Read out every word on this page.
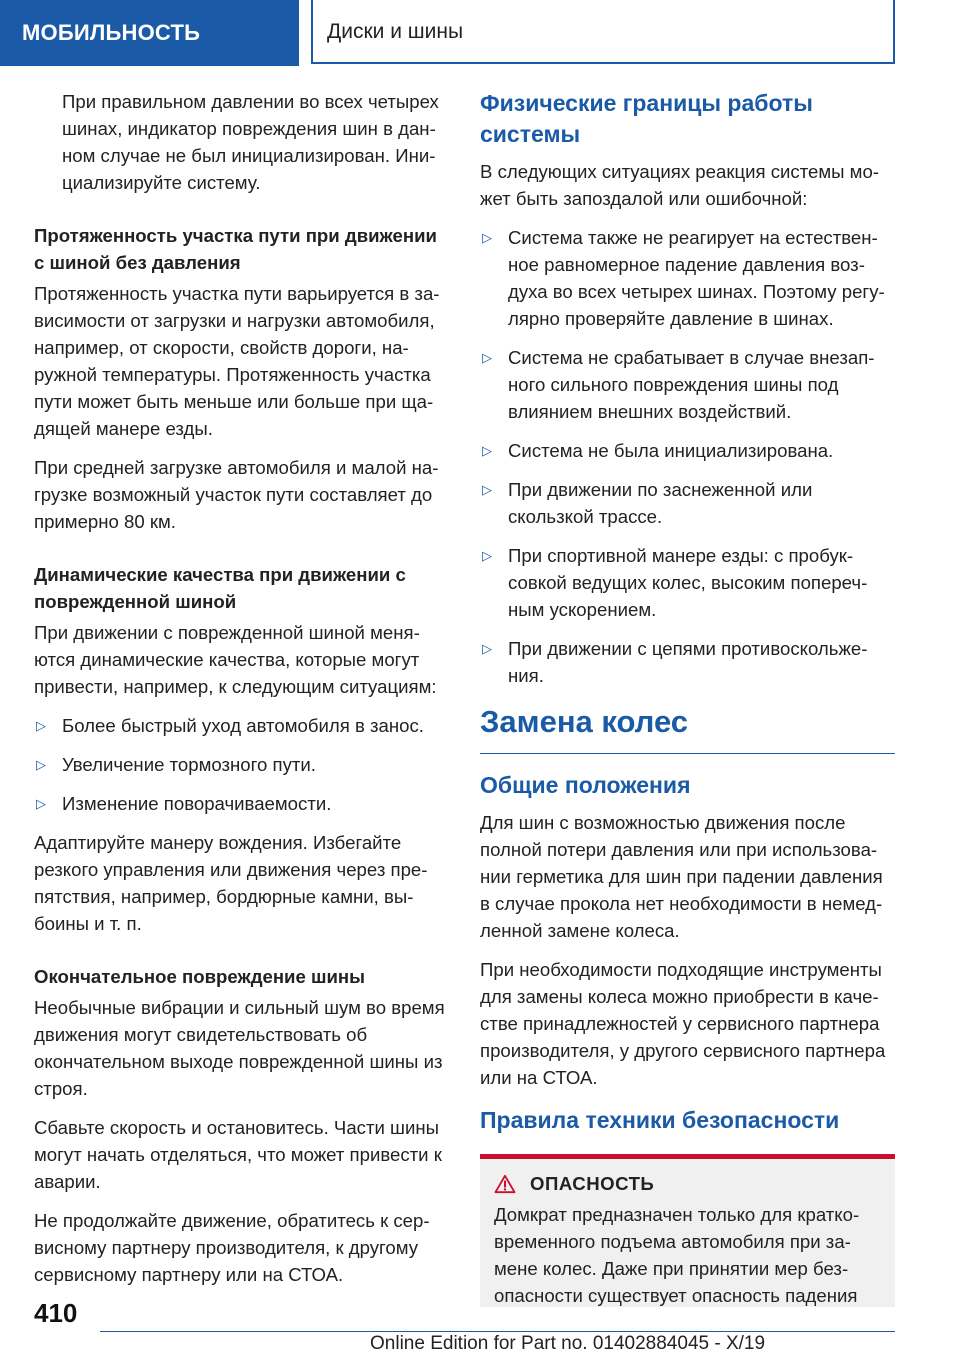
МОБИЛЬНОСТЬ	Диски и шины

При правильном давлении во всех четырех шинах, индикатор повреждения шин в данном случае не был инициализирован. Инициализируйте систему.

Протяженность участка пути при движении с шиной без давления

Протяженность участка пути варьируется в зависимости от загрузки и нагрузки автомобиля, например, от скорости, свойств дороги, наружной температуры. Протяженность участка пути может быть меньше или больше при щадящей манере езды.

При средней загрузке автомобиля и малой нагрузке возможный участок пути составляет до примерно 80 км.

Динамические качества при движении с поврежденной шиной

При движении с поврежденной шиной меняются динамические качества, которые могут привести, например, к следующим ситуациям:

▷ Более быстрый уход автомобиля в занос.
▷ Увеличение тормозного пути.
▷ Изменение поворачиваемости.

Адаптируйте манеру вождения. Избегайте резкого управления или движения через препятствия, например, бордюрные камни, выбоины и т. п.

Окончательное повреждение шины

Необычные вибрации и сильный шум во время движения могут свидетельствовать об окончательном выходе поврежденной шины из строя.

Сбавьте скорость и остановитесь. Части шины могут начать отделяться, что может привести к аварии.

Не продолжайте движение, обратитесь к сервисному партнеру производителя, к другому сервисному партнеру или на СТОА.

Физические границы работы системы

В следующих ситуациях реакция системы может быть запоздалой или ошибочной:

▷ Система также не реагирует на естественное равномерное падение давления воздуха во всех четырех шинах. Поэтому регулярно проверяйте давление в шинах.
▷ Система не срабатывает в случае внезапного сильного повреждения шины под влиянием внешних воздействий.
▷ Система не была инициализирована.
▷ При движении по заснеженной или скользкой трассе.
▷ При спортивной манере езды: с пробуксовкой ведущих колес, высоким поперечным ускорением.
▷ При движении с цепями противоскольжения.
Замена колес
Общие положения

Для шин с возможностью движения после полной потери давления или при использовании герметика для шин при падении давления в случае прокола нет необходимости в немедленной замене колеса.

При необходимости подходящие инструменты для замены колеса можно приобрести в качестве принадлежностей у сервисного партнера производителя, у другого сервисного партнера или на СТОА.

Правила техники безопасности
ОПАСНОСТЬ

Домкрат предназначен только для кратковременного подъема автомобиля при замене колес. Даже при принятии мер безопасности существует опасность падения

410
Online Edition for Part no. 01402884045 - X/19
